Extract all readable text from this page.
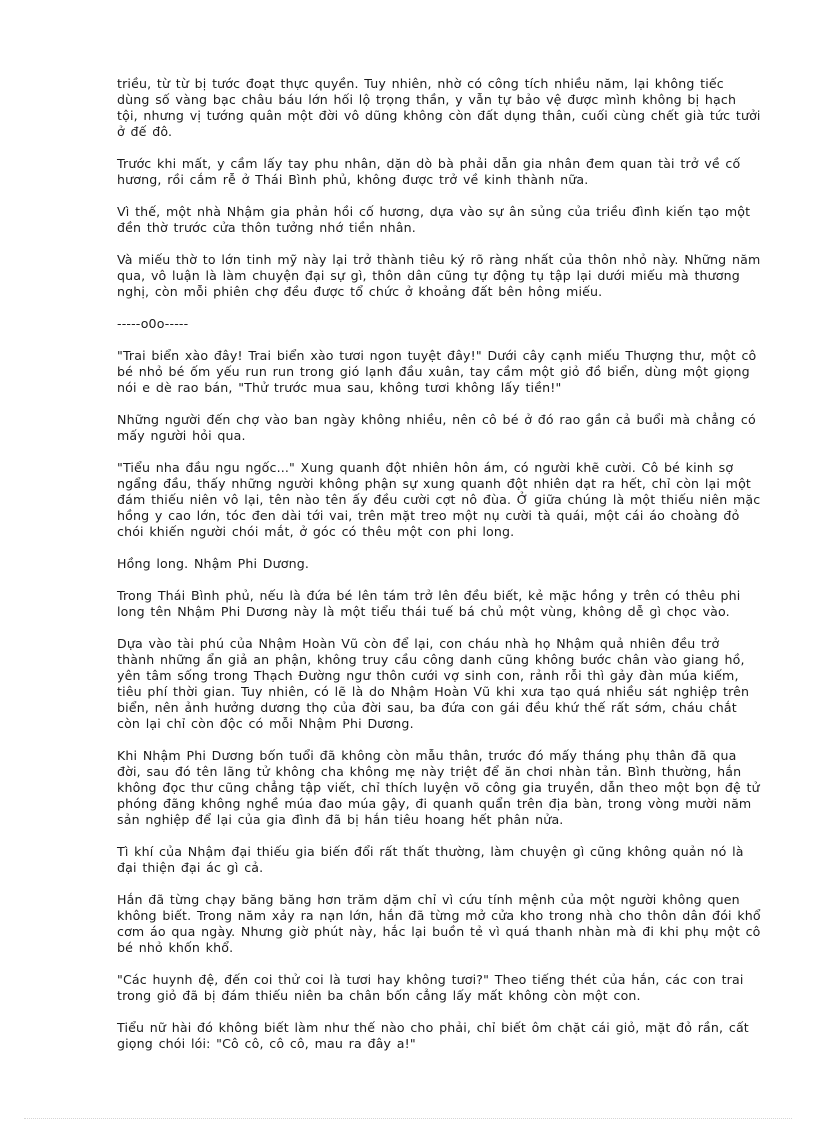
triều, từ từ bị tước đoạt thực quyền. Tuy nhiên, nhờ có công tích nhiều năm, lại không tiếc dùng số vàng bạc châu báu lớn hối lộ trọng thần, y vẫn tự bảo vệ được mình không bị hạch tội, nhưng vị tướng quân một đời vô dũng không còn đất dụng thân, cuối cùng chết già tức tưởi ở đế đô.

Trước khi mất, y cầm lấy tay phu nhân, dặn dò bà phải dẫn gia nhân đem quan tài trở về cố hương, rồi cắm rễ ở Thái Bình phủ, không được trở về kinh thành nữa.

Vì thế, một nhà Nhậm gia phản hồi cố hương, dựa vào sự ân sủng của triều đình kiến tạo một đền thờ trước cửa thôn tưởng nhớ tiền nhân.

Và miếu thờ to lớn tinh mỹ này lại trở thành tiêu ký rõ ràng nhất của thôn nhỏ này. Những năm qua, vô luận là làm chuyện đại sự gì, thôn dân cũng tự động tụ tập lại dưới miếu mà thương nghị, còn mỗi phiên chợ đều được tổ chức ở khoảng đất bên hông miếu.

-----o0o-----

"Trai biển xào đây! Trai biển xào tươi ngon tuyệt đây!" Dưới cây cạnh miếu Thượng thư, một cô bé nhỏ bé ốm yếu run run trong gió lạnh đầu xuân, tay cầm một giỏ đồ biển, dùng một giọng nói e dè rao bán, "Thử trước mua sau, không tươi không lấy tiền!"

Những người đến chợ vào ban ngày không nhiều, nên cô bé ở đó rao gần cả buổi mà chẳng có mấy người hỏi qua.

"Tiểu nha đầu ngu ngốc..." Xung quanh đột nhiên hôn ám, có người khẽ cười. Cô bé kinh sợ ngẩng đầu, thấy những người không phận sự xung quanh đột nhiên dạt ra hết, chỉ còn lại một đám thiếu niên vô lại, tên nào tên ấy đều cười cợt nô đùa. Ở giữa chúng là một thiếu niên mặc hồng y cao lớn, tóc đen dài tới vai, trên mặt treo một nụ cười tà quái, một cái áo choàng đỏ chói khiến người chói mắt, ở góc có thêu một con phi long.

Hồng long. Nhậm Phi Dương.

Trong Thái Bình phủ, nếu là đứa bé lên tám trở lên đều biết, kẻ mặc hồng y trên có thêu phi long tên Nhậm Phi Dương này là một tiểu thái tuế bá chủ một vùng, không dễ gì chọc vào.

Dựa vào tài phú của Nhậm Hoàn Vũ còn để lại, con cháu nhà họ Nhậm quả nhiên đều trở thành những ẩn giả an phận, không truy cầu công danh cũng không bước chân vào giang hồ, yên tâm sống trong Thạch Đường ngư thôn cưới vợ sinh con, rảnh rỗi thì gảy đàn múa kiếm, tiêu phí thời gian. Tuy nhiên, có lẽ là do Nhậm Hoàn Vũ khi xưa tạo quá nhiều sát nghiệp trên biển, nên ảnh hưởng dương thọ của đời sau, ba đứa con gái đều khứ thế rất sớm, cháu chắt còn lại chỉ còn độc có mỗi Nhậm Phi Dương.

Khi Nhậm Phi Dương bốn tuổi đã không còn mẫu thân, trước đó mấy tháng phụ thân đã qua đời, sau đó tên lãng tử không cha không mẹ này triệt để ăn chơi nhàn tản. Bình thường, hắn không đọc thư cũng chẳng tập viết, chỉ thích luyện võ công gia truyền, dẫn theo một bọn đệ tử phóng đãng không nghề múa đao múa gậy, đi quanh quẩn trên địa bàn, trong vòng mười năm sản nghiệp để lại của gia đình đã bị hắn tiêu hoang hết phân nửa.

Tì khí của Nhậm đại thiếu gia biến đổi rất thất thường, làm chuyện gì cũng không quản nó là đại thiện đại ác gì cả.

Hắn đã từng chạy băng băng hơn trăm dặm chỉ vì cứu tính mệnh của một người không quen không biết. Trong năm xảy ra nạn lớn, hắn đã từng mở cửa kho trong nhà cho thôn dân đói khổ cơm áo qua ngày. Nhưng giờ phút này, hắc lại buồn tẻ vì quá thanh nhàn mà đi khi phụ một cô bé nhỏ khốn khổ.

"Các huynh đệ, đến coi thử coi là tươi hay không tươi?" Theo tiếng thét của hắn, các con trai trong giỏ đã bị đám thiếu niên ba chân bốn cẳng lấy mất không còn một con.

Tiểu nữ hài đó không biết làm như thế nào cho phải, chỉ biết ôm chặt cái giỏ, mặt đỏ rần, cất giọng chói lói: "Cô cô, cô cô, mau ra đây a!"
